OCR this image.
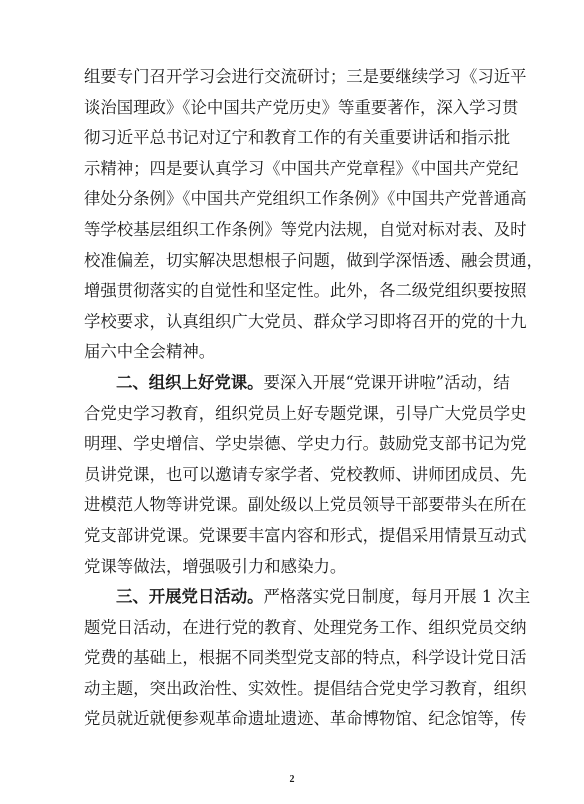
组要专门召开学习会进行交流研讨；三是要继续学习《习近平
谈治国理政》《论中国共产党历史》等重要著作，深入学习贯
彻习近平总书记对辽宁和教育工作的有关重要讲话和指示批
示精神；四是要认真学习《中国共产党章程》《中国共产党纪
律处分条例》《中国共产党组织工作条例》《中国共产党普通高
等学校基层组织工作条例》等党内法规，自觉对标对表、及时
校准偏差，切实解决思想根子问题，做到学深悟透、融会贯通，
增强贯彻落实的自觉性和坚定性。此外，各二级党组织要按照
学校要求，认真组织广大党员、群众学习即将召开的党的十九
届六中全会精神。
二、组织上好党课。要深入开展“党课开讲啦”活动，结
合党史学习教育，组织党员上好专题党课，引导广大党员学史
明理、学史增信、学史崇德、学史力行。鼓励党支部书记为党
员讲党课，也可以邀请专家学者、党校教师、讲师团成员、先
进模范人物等讲党课。副处级以上党员领导干部要带头在所在
党支部讲党课。党课要丰富内容和形式，提倡采用情景互动式
党课等做法，增强吸引力和感染力。
三、开展党日活动。严格落实党日制度，每月开展 1 次主
题党日活动，在进行党的教育、处理党务工作、组织党员交纳
党费的基础上，根据不同类型党支部的特点，科学设计党日活
动主题，突出政治性、实效性。提倡结合党史学习教育，组织
党员就近就便参观革命遗址遗迹、革命博物馆、纪念馆等，传
2
